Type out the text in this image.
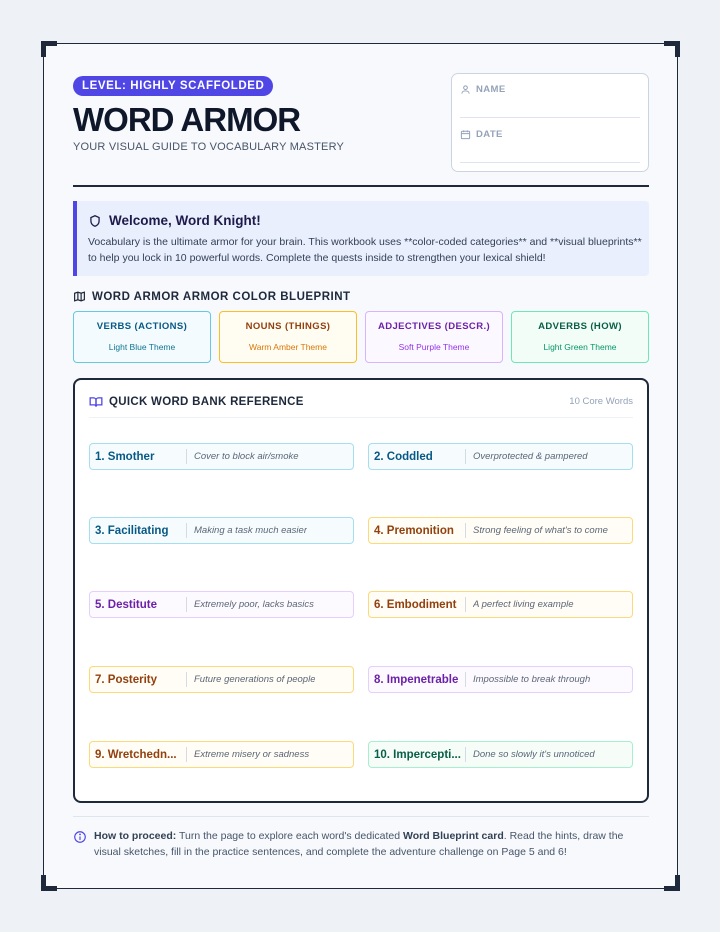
LEVEL: HIGHLY SCAFFOLDED
WORD ARMOR
YOUR VISUAL GUIDE TO VOCABULARY MASTERY
NAME
DATE
Welcome, Word Knight!
Vocabulary is the ultimate armor for your brain. This workbook uses **color-coded categories** and **visual blueprints** to help you lock in 10 powerful words. Complete the quests inside to strengthen your lexical shield!
WORD ARMOR ARMOR COLOR BLUEPRINT
VERBS (ACTIONS)
Light Blue Theme
NOUNS (THINGS)
Warm Amber Theme
ADJECTIVES (DESCR.)
Soft Purple Theme
ADVERBS (HOW)
Light Green Theme
QUICK WORD BANK REFERENCE	10 Core Words
1. Smother	Cover to block air/smoke	2. Coddled	Overprotected & pampered
3. Facilitating	Making a task much easier	4. Premonition	Strong feeling of what's to come
5. Destitute	Extremely poor, lacks basics	6. Embodiment	A perfect living example
7. Posterity	Future generations of people	8. Impenetrable	Impossible to break through
9. Wretchedn...	Extreme misery or sadness	10. Impercepti...	Done so slowly it's unnoticed
How to proceed: Turn the page to explore each word's dedicated Word Blueprint card. Read the hints, draw the visual sketches, fill in the practice sentences, and complete the adventure challenge on Page 5 and 6!
